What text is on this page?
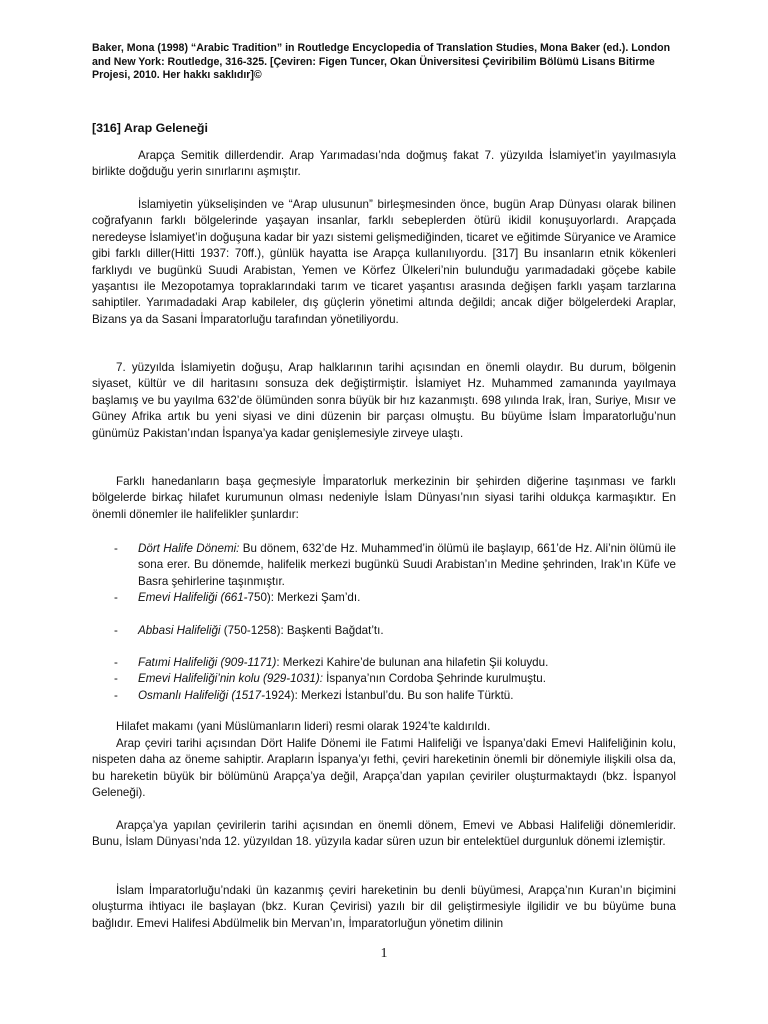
Baker, Mona (1998) “Arabic Tradition” in Routledge Encyclopedia of Translation Studies, Mona Baker (ed.). London and New York: Routledge, 316-325. [Çeviren: Figen Tuncer, Okan Üniversitesi Çeviribilim Bölümü Lisans Bitirme Projesi, 2010. Her hakkı saklıdır]©
[316] Arap Geleneği

Arapça Semitik dillerdendir. Arap Yarımadası’nda doğmuş fakat 7. yüzyılda İslamiyet’in yayılmasıyla birlikte doğduğu yerin sınırlarını aşmıştır.

İslamiyetin yükselişinden ve “Arap ulusunun” birleşmesinden önce, bugün Arap Dünyası olarak bilinen coğrafyanın farklı bölgelerinde yaşayan insanlar, farklı sebeplerden ötürü ikidil konuşuyorlardı. Arapçada neredeyse İslamiyet’in doğuşuna kadar bir yazı sistemi gelişmediğinden, ticaret ve eğitimde Süryanice ve Aramice gibi farklı diller(Hitti 1937: 70ff.), günlük hayatta ise Arapça kullanılıyordu. [317] Bu insanların etnik kökenleri farklıydı ve bugünkü Suudi Arabistan, Yemen ve Körfez Ülkeleri’nin bulunduğu yarımadadaki göçebe kabile yaşantısı ile Mezopotamya topraklarındaki tarım ve ticaret yaşantısı arasında değişen farklı yaşam tarzlarına sahiptiler. Yarımadadaki Arap kabileler, dış güçlerin yönetimi altında değildi; ancak diğer bölgelerdeki Araplar, Bizans ya da Sasani İmparatorluğu tarafından yönetiliyordu.

7. yüzyılda İslamiyetin doğuşu, Arap halklarının tarihi açısından en önemli olaydır. Bu durum, bölgenin siyaset, kültür ve dil haritasını sonsuza dek değiştirmiştir. İslamiyet Hz. Muhammed zamanında yayılmaya başlamış ve bu yayılma 632’de ölümünden sonra büyük bir hız kazanmıştı. 698 yılında Irak, İran, Suriye, Mısır ve Güney Afrika artık bu yeni siyasi ve dini düzenin bir parçası olmuştu. Bu büyüme İslam İmparatorluğu’nun günümüz Pakistan’ından İspanya’ya kadar genişlemesiyle zirveye ulaştı.

Farklı hanedanların başa geçmesiyle İmparatorluk merkezinin bir şehirden diğerine taşınması ve farklı bölgelerde birkaç hilafet kurumunun olması nedeniyle İslam Dünyası’nın siyasi tarihi oldukça karmaşıktır. En önemli dönemler ile halifelikler şunlardır:

- Dört Halife Dönemi: Bu dönem, 632’de Hz. Muhammed’in ölümü ile başlayıp, 661’de Hz. Ali’nin ölümü ile sona erer. Bu dönemde, halifelik merkezi bugünkü Suudi Arabistan’ın Medine şehrinden, Irak’ın Küfe ve Basra şehirlerine taşınmıştır.
- Emevi Halifeliği (661-750): Merkezi Şam’dı.
- Abbasi Halifeliği (750-1258): Başkenti Bağdat’tı.
- Fatımi Halifeliği (909-1171): Merkezi Kahire’de bulunan ana hilafetin Şii koluydu.
- Emevi Halifeliği’nin kolu (929-1031): İspanya’nın Cordoba Şehrinde kurulmuştu.
- Osmanlı Halifeliği (1517-1924): Merkezi İstanbul’du. Bu son halife Türktü.

Hilafet makamı (yani Müslümanların lideri) resmi olarak 1924’te kaldırıldı.

Arap çeviri tarihi açısından Dört Halife Dönemi ile Fatımi Halifeliği ve İspanya’daki Emevi Halifeliğinin kolu, nispeten daha az öneme sahiptir. Arapların İspanya’yı fethi, çeviri hareketinin önemli bir dönemiyle ilişkili olsa da, bu hareketin büyük bir bölümünü Arapça’ya değil, Arapça’dan yapılan çeviriler oluşturmaktaydı (bkz. İspanyol Geleneği).

Arapça’ya yapılan çevirilerin tarihi açısından en önemli dönem, Emevi ve Abbasi Halifeliği dönemleridir. Bunu, İslam Dünyası’nda 12. yüzyıldan 18. yüzyıla kadar süren uzun bir entelektüel durgunluk dönemi izlemiştir.

İslam İmparatorluğu’ndaki ün kazanmış çeviri hareketinin bu denli büyümesi, Arapça’nın Kuran’ın biçimini oluşturma ihtiyacı ile başlayan (bkz. Kuran Çevirisi) yazılı bir dil geliştirmesiyle ilgilidir ve bu büyüme buna bağlıdır. Emevi Halifesi Abdülmelik bin Mervan’ın, İmparatorluğun yönetim dilinin

1
